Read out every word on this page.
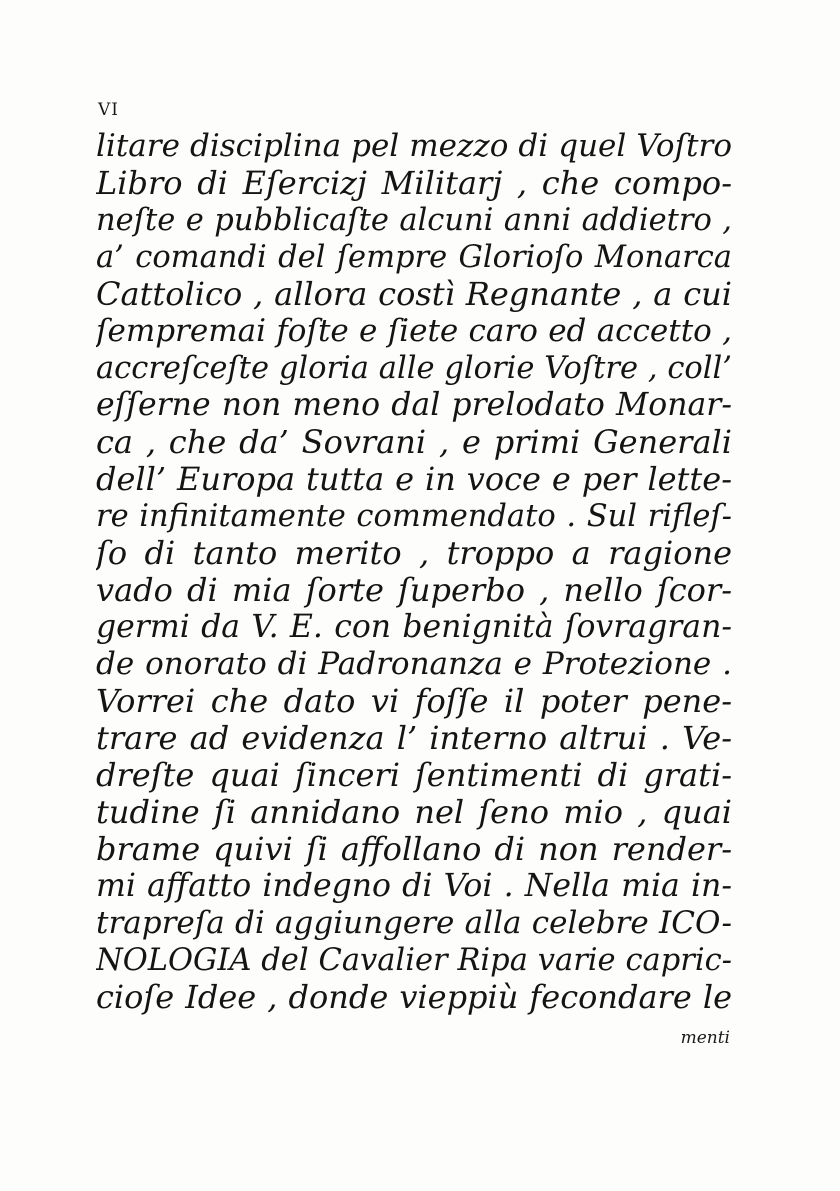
VI
litare disciplina pel mezzo di quel Voſtro
Libro di Eſercizj Militarj , che compo-
neſte e pubblicaſte alcuni anni addietro ,
a’ comandi del ſempre Glorioſo Monarca
Cattolico , allora costì Regnante , a cui
ſempremai foſte e ſiete caro ed accetto ,
accreſceſte gloria alle glorie Voſtre , coll’
eſſerne non meno dal prelodato Monar-
ca , che da’ Sovrani , e primi Generali
dell’ Europa tutta e in voce e per lette-
re infinitamente commendato . Sul rifleſ-
ſo di tanto merito , troppo a ragione
vado di mia ſorte ſuperbo , nello ſcor-
germi da V. E. con benignità ſovragran-
de onorato di Padronanza e Protezione .
Vorrei che dato vi foſſe il poter pene-
trare ad evidenza l’ interno altrui . Ve-
dreſte quai ſinceri ſentimenti di grati-
tudine ſi annidano nel ſeno mio , quai
brame quivi ſi affollano di non render-
mi affatto indegno di Voi . Nella mia in-
trapreſa di aggiungere alla celebre ICO-
NOLOGIA del Cavalier Ripa varie capric-
cioſe Idee , donde vieppiù fecondare le
menti
